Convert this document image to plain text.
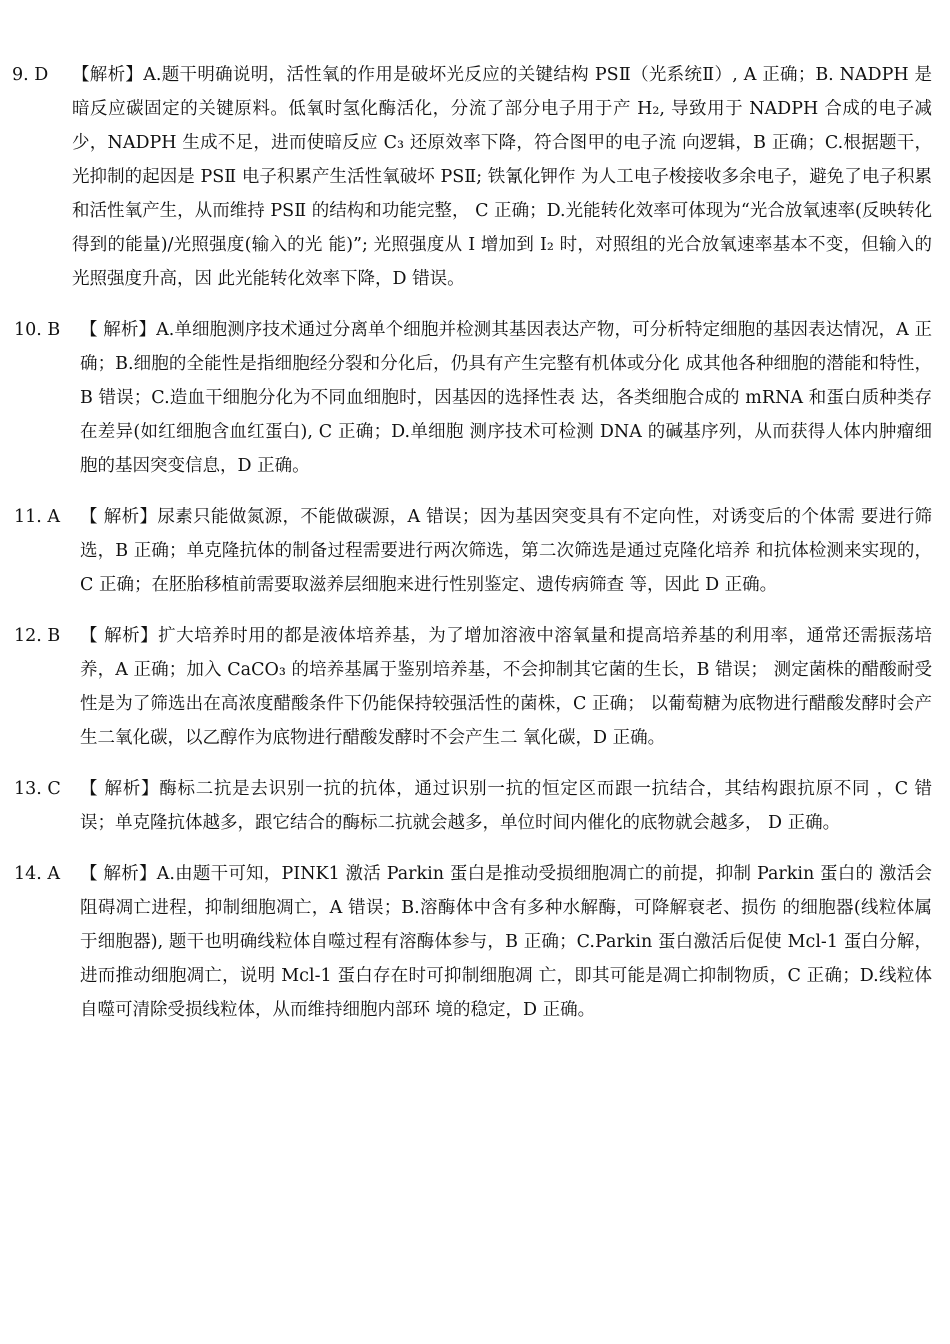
9. D 【解析】A.题干明确说明，活性氧的作用是破坏光反应的关键结构 PSⅡ（光系统Ⅱ）, A 正确；B. NADPH 是暗反应碳固定的关键原料。低氧时氢化酶活化，分流了部分电子用于产 H₂, 导致用于 NADPH 合成的电子减少，NADPH 生成不足，进而使暗反应 C₃ 还原效率下降，符合图甲的电子流 向逻辑，B 正确；C.根据题干，光抑制的起因是 PSⅡ 电子积累产生活性氧破坏 PSⅡ; 铁氰化钾作 为人工电子梭接收多余电子，避免了电子积累和活性氧产生，从而维持 PSⅡ 的结构和功能完整， C 正确；D.光能转化效率可体现为“光合放氧速率(反映转化得到的能量)/光照强度(输入的光 能)”; 光照强度从 I 增加到 I₂ 时，对照组的光合放氧速率基本不变，但输入的光照强度升高，因 此光能转化效率下降，D 错误。
10. B 【 解析】A.单细胞测序技术通过分离单个细胞并检测其基因表达产物，可分析特定细胞的基因表达情况，A 正确；B.细胞的全能性是指细胞经分裂和分化后，仍具有产生完整有机体或分化 成其他各种细胞的潜能和特性，B 错误；C.造血干细胞分化为不同血细胞时，因基因的选择性表 达，各类细胞合成的 mRNA 和蛋白质种类存在差异(如红细胞含血红蛋白), C 正确；D.单细胞 测序技术可检测 DNA 的碱基序列，从而获得人体内肿瘤细胞的基因突变信息，D 正确。
11. A 【 解析】尿素只能做氮源，不能做碳源，A 错误；因为基因突变具有不定向性，对诱变后的个体需 要进行筛选，B 正确；单克隆抗体的制备过程需要进行两次筛选，第二次筛选是通过克隆化培养 和抗体检测来实现的，C 正确；在胚胎移植前需要取滋养层细胞来进行性别鉴定、遗传病筛查 等，因此 D 正确。
12. B 【 解析】扩大培养时用的都是液体培养基，为了增加溶液中溶氧量和提高培养基的利用率，通常还需振荡培养，A 正确；加入 CaCO₃ 的培养基属于鉴别培养基，不会抑制其它菌的生长，B 错误； 测定菌株的醋酸耐受性是为了筛选出在高浓度醋酸条件下仍能保持较强活性的菌株，C 正确； 以葡萄糖为底物进行醋酸发酵时会产生二氧化碳，以乙醇作为底物进行醋酸发酵时不会产生二 氧化碳，D 正确。
13. C 【 解析】酶标二抗是去识别一抗的抗体，通过识别一抗的恒定区而跟一抗结合，其结构跟抗原不同 ，C 错误；单克隆抗体越多，跟它结合的酶标二抗就会越多，单位时间内催化的底物就会越多， D 正确。
14. A 【 解析】A.由题干可知，PINK1 激活 Parkin 蛋白是推动受损细胞凋亡的前提，抑制 Parkin 蛋白的 激活会阻碍凋亡进程，抑制细胞凋亡，A 错误；B.溶酶体中含有多种水解酶，可降解衰老、损伤 的细胞器(线粒体属于细胞器), 题干也明确线粒体自噬过程有溶酶体参与，B 正确；C.Parkin 蛋白激活后促使 Mcl-1 蛋白分解，进而推动细胞凋亡，说明 Mcl-1 蛋白存在时可抑制细胞凋 亡，即其可能是凋亡抑制物质，C 正确；D.线粒体自噬可清除受损线粒体，从而维持细胞内部环 境的稳定，D 正确。
